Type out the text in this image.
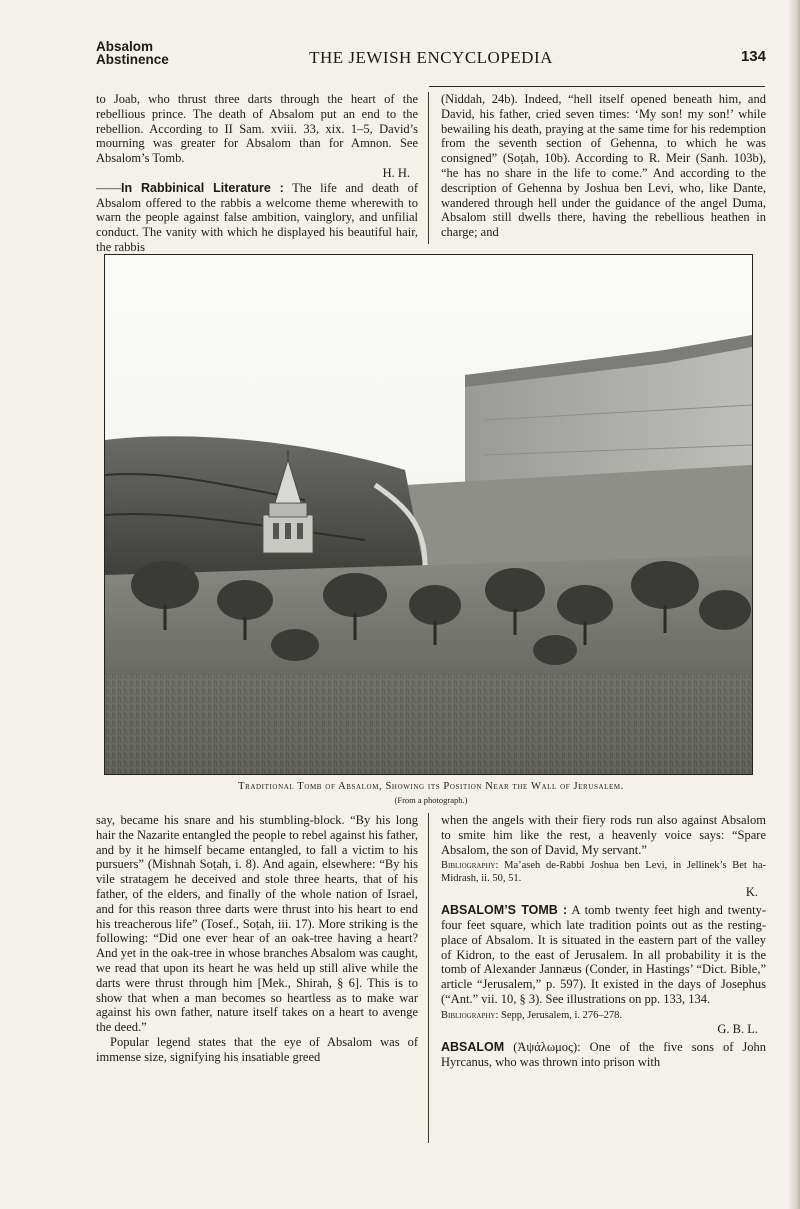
Absalom
Abstinence	THE JEWISH ENCYCLOPEDIA	134

to Joab, who thrust three darts through the heart of the rebellious prince. The death of Absalom put an end to the rebellion. According to II Sam. xviii. 33, xix. 1–5, David’s mourning was greater for Absalom than for Amnon. See Absalom’s Tomb.

H. H.

——In Rabbinical Literature : The life and death of Absalom offered to the rabbis a welcome theme wherewith to warn the people against false ambition, vainglory, and unfilial conduct. The vanity with which he displayed his beautiful hair, the rabbis

(Niddah, 24b). Indeed, “hell itself opened beneath him, and David, his father, cried seven times: ‘My son! my son!’ while bewailing his death, praying at the same time for his redemption from the seventh section of Gehenna, to which he was consigned” (Soṭah, 10b). According to R. Meir (Sanh. 103b), “he has no share in the life to come.” And according to the description of Gehenna by Joshua ben Levi, who, like Dante, wandered through hell under the guidance of the angel Duma, Absalom still dwells there, having the rebellious heathen in charge; and

Traditional Tomb of Absalom, Showing its Position Near the Wall of Jerusalem.
(From a photograph.)

say, became his snare and his stumbling-block. “By his long hair the Nazarite entangled the people to rebel against his father, and by it he himself became entangled, to fall a victim to his pursuers” (Mishnah Soṭah, i. 8). And again, elsewhere: “By his vile stratagem he deceived and stole three hearts, that of his father, of the elders, and finally of the whole nation of Israel, and for this reason three darts were thrust into his heart to end his treacherous life” (Tosef., Soṭah, iii. 17). More striking is the following: “Did one ever hear of an oak-tree having a heart? And yet in the oak-tree in whose branches Absalom was caught, we read that upon its heart he was held up still alive while the darts were thrust through him [Mek., Shirah, § 6]. This is to show that when a man becomes so heartless as to make war against his own father, nature itself takes on a heart to avenge the deed.”

Popular legend states that the eye of Absalom was of immense size, signifying his insatiable greed

when the angels with their fiery rods run also against Absalom to smite him like the rest, a heavenly voice says: “Spare Absalom, the son of David, My servant.”

Bibliography: Ma’aseh de-Rabbi Joshua ben Levi, in Jellinek’s Bet ha-Midrash, ii. 50, 51.

K.

ABSALOM’S TOMB : A tomb twenty feet high and twenty-four feet square, which late tradition points out as the resting-place of Absalom. It is situated in the eastern part of the valley of Kidron, to the east of Jerusalem. In all probability it is the tomb of Alexander Jannæus (Conder, in Hastings’ “Dict. Bible,” article “Jerusalem,” p. 597). It existed in the days of Josephus (“Ant.” vii. 10, § 3). See illustrations on pp. 133, 134.

Bibliography: Sepp, Jerusalem, i. 276–278.

G. B. L.

ABSALOM (Ἀψάλωμος): One of the five sons of John Hyrcanus, who was thrown into prison with
